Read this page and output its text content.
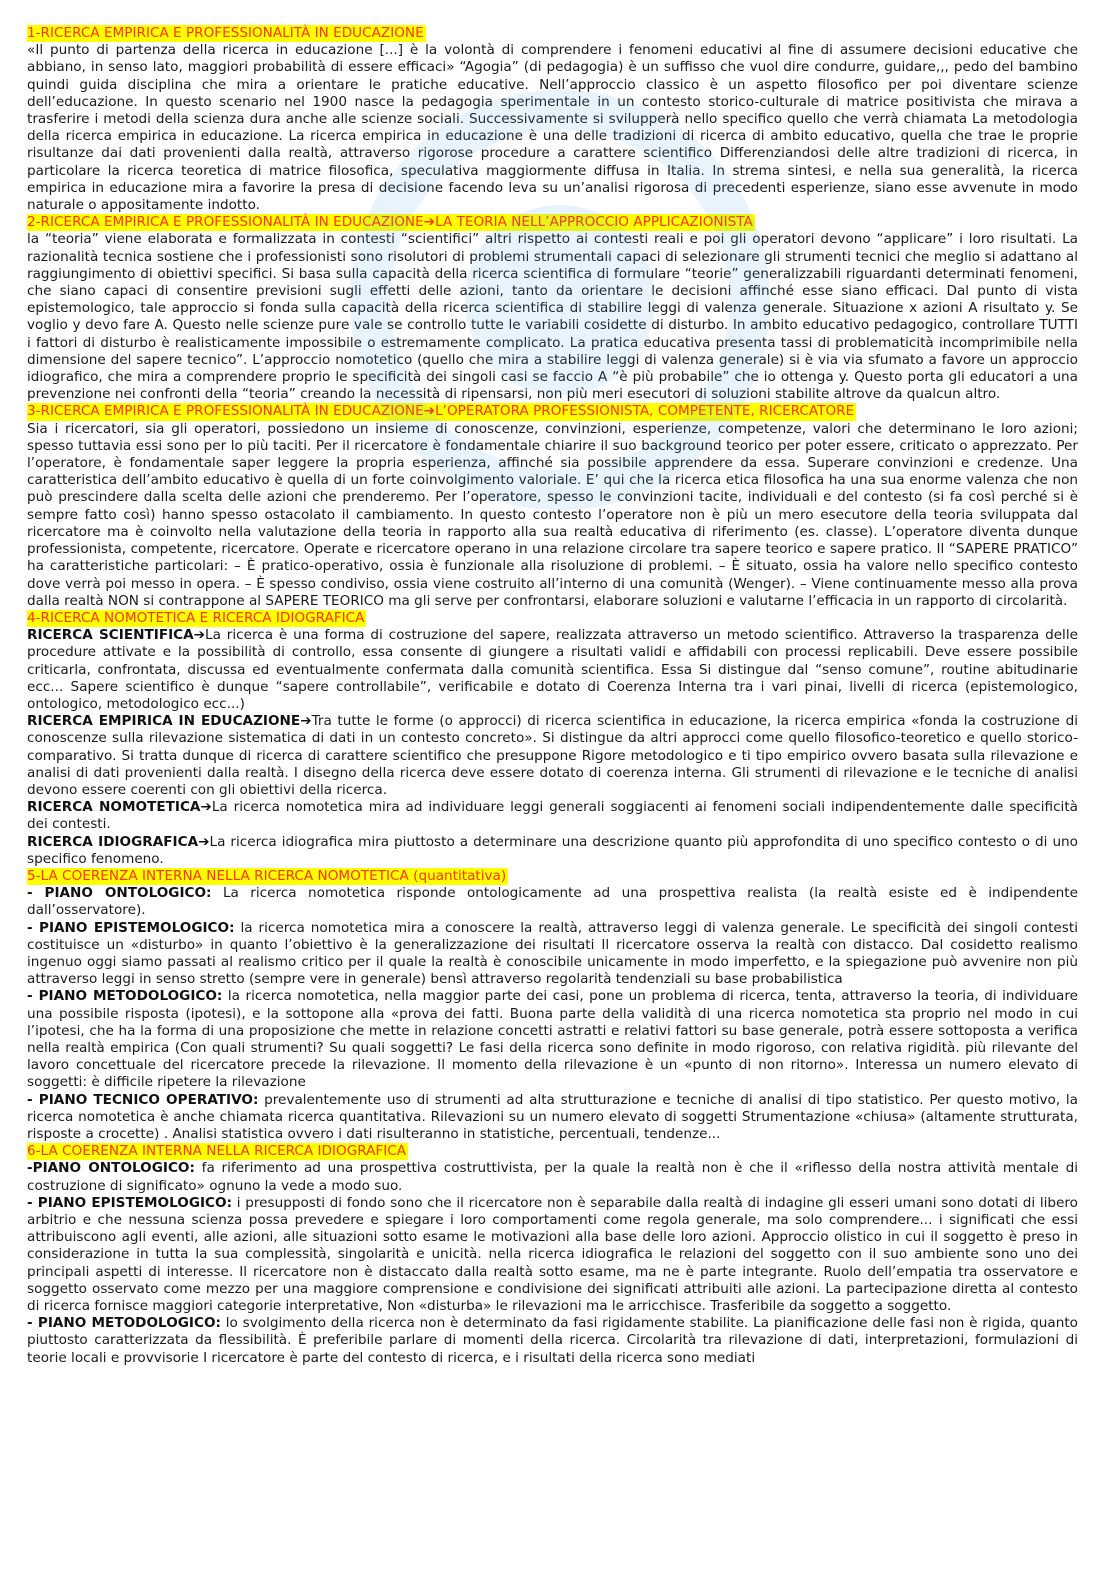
1-RICERCA EMPIRICA E PROFESSIONALITÀ IN EDUCAZIONE

«Il punto di partenza della ricerca in educazione [...] è la volontà di comprendere i fenomeni educativi al fine di assumere decisioni educative che abbiano, in senso lato, maggiori probabilità di essere efficaci» “Agogia” (di pedagogia) è un suffisso che vuol dire condurre, guidare,,, pedo del bambino quindi guida disciplina che mira a orientare le pratiche educative. Nell’approccio classico è un aspetto filosofico per poi diventare scienze dell’educazione. In questo scenario nel 1900 nasce la pedagogia sperimentale in un contesto storico-culturale di matrice positivista che mirava a trasferire i metodi della scienza dura anche alle scienze sociali. Successivamente si svilupperà nello specifico quello che verrà chiamata La metodologia della ricerca empirica in educazione. La ricerca empirica in educazione è una delle tradizioni di ricerca di ambito educativo, quella che trae le proprie risultanze dai dati provenienti dalla realtà, attraverso rigorose procedure a carattere scientifico Differenziandosi delle altre tradizioni di ricerca, in particolare la ricerca teoretica di matrice filosofica, speculativa maggiormente diffusa in Italia. In strema sintesi, e nella sua generalità, la ricerca empirica in educazione mira a favorire la presa di decisione facendo leva su un’analisi rigorosa di precedenti esperienze, siano esse avvenute in modo naturale o appositamente indotto.

2-RICERCA EMPIRICA E PROFESSIONALITÀ IN EDUCAZIONE➔LA TEORIA NELL’APPROCCIO APPLICAZIONISTA

la “teoria” viene elaborata e formalizzata in contesti “scientifici” altri rispetto ai contesti reali e poi gli operatori devono “applicare” i loro risultati. La razionalità tecnica sostiene che i professionisti sono risolutori di problemi strumentali capaci di selezionare gli strumenti tecnici che meglio si adattano al raggiungimento di obiettivi specifici. Si basa sulla capacità della ricerca scientifica di formulare “teorie” generalizzabili riguardanti determinati fenomeni, che siano capaci di consentire previsioni sugli effetti delle azioni, tanto da orientare le decisioni affinché esse siano efficaci. Dal punto di vista epistemologico, tale approccio si fonda sulla capacità della ricerca scientifica di stabilire leggi di valenza generale. Situazione x azioni A risultato y. Se voglio y devo fare A. Questo nelle scienze pure vale se controllo tutte le variabili cosidette di disturbo. In ambito educativo pedagogico, controllare TUTTI i fattori di disturbo è realisticamente impossibile o estremamente complicato. La pratica educativa presenta tassi di problematicità incomprimibile nella dimensione del sapere tecnico”. L’approccio nomotetico (quello che mira a stabilire leggi di valenza generale) si è via via sfumato a favore un approccio idiografico, che mira a comprendere proprio le specificità dei singoli casi se faccio A “è più probabile” che io ottenga y. Questo porta gli educatori a una prevenzione nei confronti della “teoria” creando la necessità di ripensarsi, non più meri esecutori di soluzioni stabilite altrove da qualcun altro.

3-RICERCA EMPIRICA E PROFESSIONALITÀ IN EDUCAZIONE➔L’OPERATORA PROFESSIONISTA, COMPETENTE, RICERCATORE

Sia i ricercatori, sia gli operatori, possiedono un insieme di conoscenze, convinzioni, esperienze, competenze, valori che determinano le loro azioni; spesso tuttavia essi sono per lo più taciti. Per il ricercatore è fondamentale chiarire il suo background teorico per poter essere, criticato o apprezzato. Per l’operatore, è fondamentale saper leggere la propria esperienza, affinché sia possibile apprendere da essa. Superare convinzioni e credenze. Una caratteristica dell’ambito educativo è quella di un forte coinvolgimento valoriale. E’ qui che la ricerca etica filosofica ha una sua enorme valenza che non può prescindere dalla scelta delle azioni che prenderemo. Per l’operatore, spesso le convinzioni tacite, individuali e del contesto (si fa così perché si è sempre fatto così) hanno spesso ostacolato il cambiamento. In questo contesto l’operatore non è più un mero esecutore della teoria sviluppata dal ricercatore ma è coinvolto nella valutazione della teoria in rapporto alla sua realtà educativa di riferimento (es. classe). L’operatore diventa dunque professionista, competente, ricercatore. Operate e ricercatore operano in una relazione circolare tra sapere teorico e sapere pratico. Il “SAPERE PRATICO” ha caratteristiche particolari: – È pratico-operativo, ossia è funzionale alla risoluzione di problemi. – È situato, ossia ha valore nello specifico contesto dove verrà poi messo in opera. – È spesso condiviso, ossia viene costruito all’interno di una comunità (Wenger). – Viene continuamente messo alla prova dalla realtà NON si contrappone al SAPERE TEORICO ma gli serve per confrontarsi, elaborare soluzioni e valutarne l’efficacia in un rapporto di circolarità.

4-RICERCA NOMOTETICA E RICERCA IDIOGRAFICA

RICERCA SCIENTIFICA➔La ricerca è una forma di costruzione del sapere, realizzata attraverso un metodo scientifico. Attraverso la trasparenza delle procedure attivate e la possibilità di controllo, essa consente di giungere a risultati validi e affidabili con processi replicabili. Deve essere possibile criticarla, confrontata, discussa ed eventualmente confermata dalla comunità scientifica. Essa Si distingue dal “senso comune”, routine abitudinarie ecc... Sapere scientifico è dunque “sapere controllabile”, verificabile e dotato di Coerenza Interna tra i vari pinai, livelli di ricerca (epistemologico, ontologico, metodologico ecc...)

RICERCA EMPIRICA IN EDUCAZIONE➔Tra tutte le forme (o approcci) di ricerca scientifica in educazione, la ricerca empirica «fonda la costruzione di conoscenze sulla rilevazione sistematica di dati in un contesto concreto». Si distingue da altri approcci come quello filosofico-teoretico e quello storico-comparativo. Si tratta dunque di ricerca di carattere scientifico che presuppone Rigore metodologico e ti tipo empirico ovvero basata sulla rilevazione e analisi di dati provenienti dalla realtà. I disegno della ricerca deve essere dotato di coerenza interna. Gli strumenti di rilevazione e le tecniche di analisi devono essere coerenti con gli obiettivi della ricerca.

RICERCA NOMOTETICA➔La ricerca nomotetica mira ad individuare leggi generali soggiacenti ai fenomeni sociali indipendentemente dalle specificità dei contesti.

RICERCA IDIOGRAFICA➔La ricerca idiografica mira piuttosto a determinare una descrizione quanto più approfondita di uno specifico contesto o di uno specifico fenomeno.

5-LA COERENZA INTERNA NELLA RICERCA NOMOTETICA (quantitativa)

- PIANO ONTOLOGICO: La ricerca nomotetica risponde ontologicamente ad una prospettiva realista (la realtà esiste ed è indipendente dall’osservatore).

- PIANO EPISTEMOLOGICO: la ricerca nomotetica mira a conoscere la realtà, attraverso leggi di valenza generale. Le specificità dei singoli contesti costituisce un «disturbo» in quanto l’obiettivo è la generalizzazione dei risultati Il ricercatore osserva la realtà con distacco. Dal cosidetto realismo ingenuo oggi siamo passati al realismo critico per il quale la realtà è conoscibile unicamente in modo imperfetto, e la spiegazione può avvenire non più attraverso leggi in senso stretto (sempre vere in generale) bensì attraverso regolarità tendenziali su base probabilistica

- PIANO METODOLOGICO: la ricerca nomotetica, nella maggior parte dei casi, pone un problema di ricerca, tenta, attraverso la teoria, di individuare una possibile risposta (ipotesi), e la sottopone alla «prova dei fatti. Buona parte della validità di una ricerca nomotetica sta proprio nel modo in cui l’ipotesi, che ha la forma di una proposizione che mette in relazione concetti astratti e relativi fattori su base generale, potrà essere sottoposta a verifica nella realtà empirica (Con quali strumenti? Su quali soggetti? Le fasi della ricerca sono definite in modo rigoroso, con relativa rigidità. più rilevante del lavoro concettuale del ricercatore precede la rilevazione. Il momento della rilevazione è un «punto di non ritorno». Interessa un numero elevato di soggetti: è difficile ripetere la rilevazione

- PIANO TECNICO OPERATIVO: prevalentemente uso di strumenti ad alta strutturazione e tecniche di analisi di tipo statistico. Per questo motivo, la ricerca nomotetica è anche chiamata ricerca quantitativa. Rilevazioni su un numero elevato di soggetti Strumentazione «chiusa» (altamente strutturata, risposte a crocette) . Analisi statistica ovvero i dati risulteranno in statistiche, percentuali, tendenze...

6-LA COERENZA INTERNA NELLA RICERCA IDIOGRAFICA

-PIANO ONTOLOGICO: fa riferimento ad una prospettiva costruttivista, per la quale la realtà non è che il «riflesso della nostra attività mentale di costruzione di significato» ognuno la vede a modo suo.

- PIANO EPISTEMOLOGICO: i presupposti di fondo sono che il ricercatore non è separabile dalla realtà di indagine gli esseri umani sono dotati di libero arbitrio e che nessuna scienza possa prevedere e spiegare i loro comportamenti come regola generale, ma solo comprendere... i significati che essi attribuiscono agli eventi, alle azioni, alle situazioni sotto esame le motivazioni alla base delle loro azioni. Approccio olistico in cui il soggetto è preso in considerazione in tutta la sua complessità, singolarità e unicità. nella ricerca idiografica le relazioni del soggetto con il suo ambiente sono uno dei principali aspetti di interesse. Il ricercatore non è distaccato dalla realtà sotto esame, ma ne è parte integrante. Ruolo dell’empatia tra osservatore e soggetto osservato come mezzo per una maggiore comprensione e condivisione dei significati attribuiti alle azioni. La partecipazione diretta al contesto di ricerca fornisce maggiori categorie interpretative, Non «disturba» le rilevazioni ma le arricchisce. Trasferibile da soggetto a soggetto.

- PIANO METODOLOGICO: lo svolgimento della ricerca non è determinato da fasi rigidamente stabilite. La pianificazione delle fasi non è rigida, quanto piuttosto caratterizzata da flessibilità. È preferibile parlare di momenti della ricerca. Circolarità tra rilevazione di dati, interpretazioni, formulazioni di teorie locali e provvisorie I ricercatore è parte del contesto di ricerca, e i risultati della ricerca sono mediati
